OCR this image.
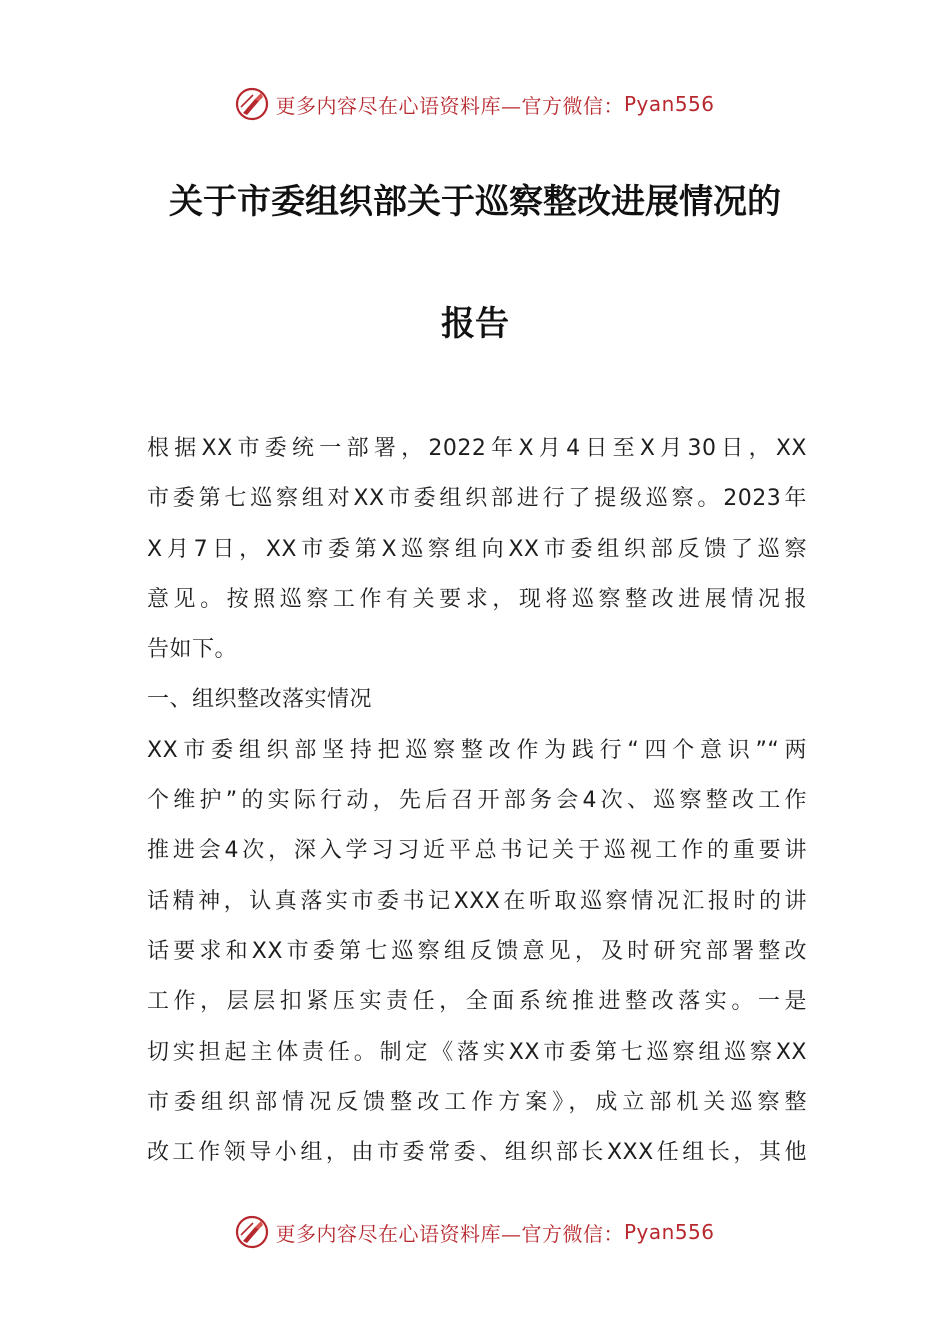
更多内容尽在心语资料库—官方微信： Pyan556
关于市委组织部关于巡察整改进展情况的
报告
根据XX市委统一部署，2022年X月4日至X月30日，XX
市委第七巡察组对XX市委组织部进行了提级巡察。2023年
X月7日，XX市委第X巡察组向XX市委组织部反馈了巡察
意见。按照巡察工作有关要求，现将巡察整改进展情况报
告如下。
一、组织整改落实情况
XX市委组织部坚持把巡察整改作为践行“四个意识”“两
个维护”的实际行动，先后召开部务会4次、巡察整改工作
推进会4次，深入学习习近平总书记关于巡视工作的重要讲
话精神，认真落实市委书记XXX在听取巡察情况汇报时的讲
话要求和XX市委第七巡察组反馈意见，及时研究部署整改
工作，层层扣紧压实责任，全面系统推进整改落实。一是
切实担起主体责任。制定《落实XX市委第七巡察组巡察XX
市委组织部情况反馈整改工作方案》，成立部机关巡察整
改工作领导小组，由市委常委、组织部长XXX任组长，其他
更多内容尽在心语资料库—官方微信： Pyan556
